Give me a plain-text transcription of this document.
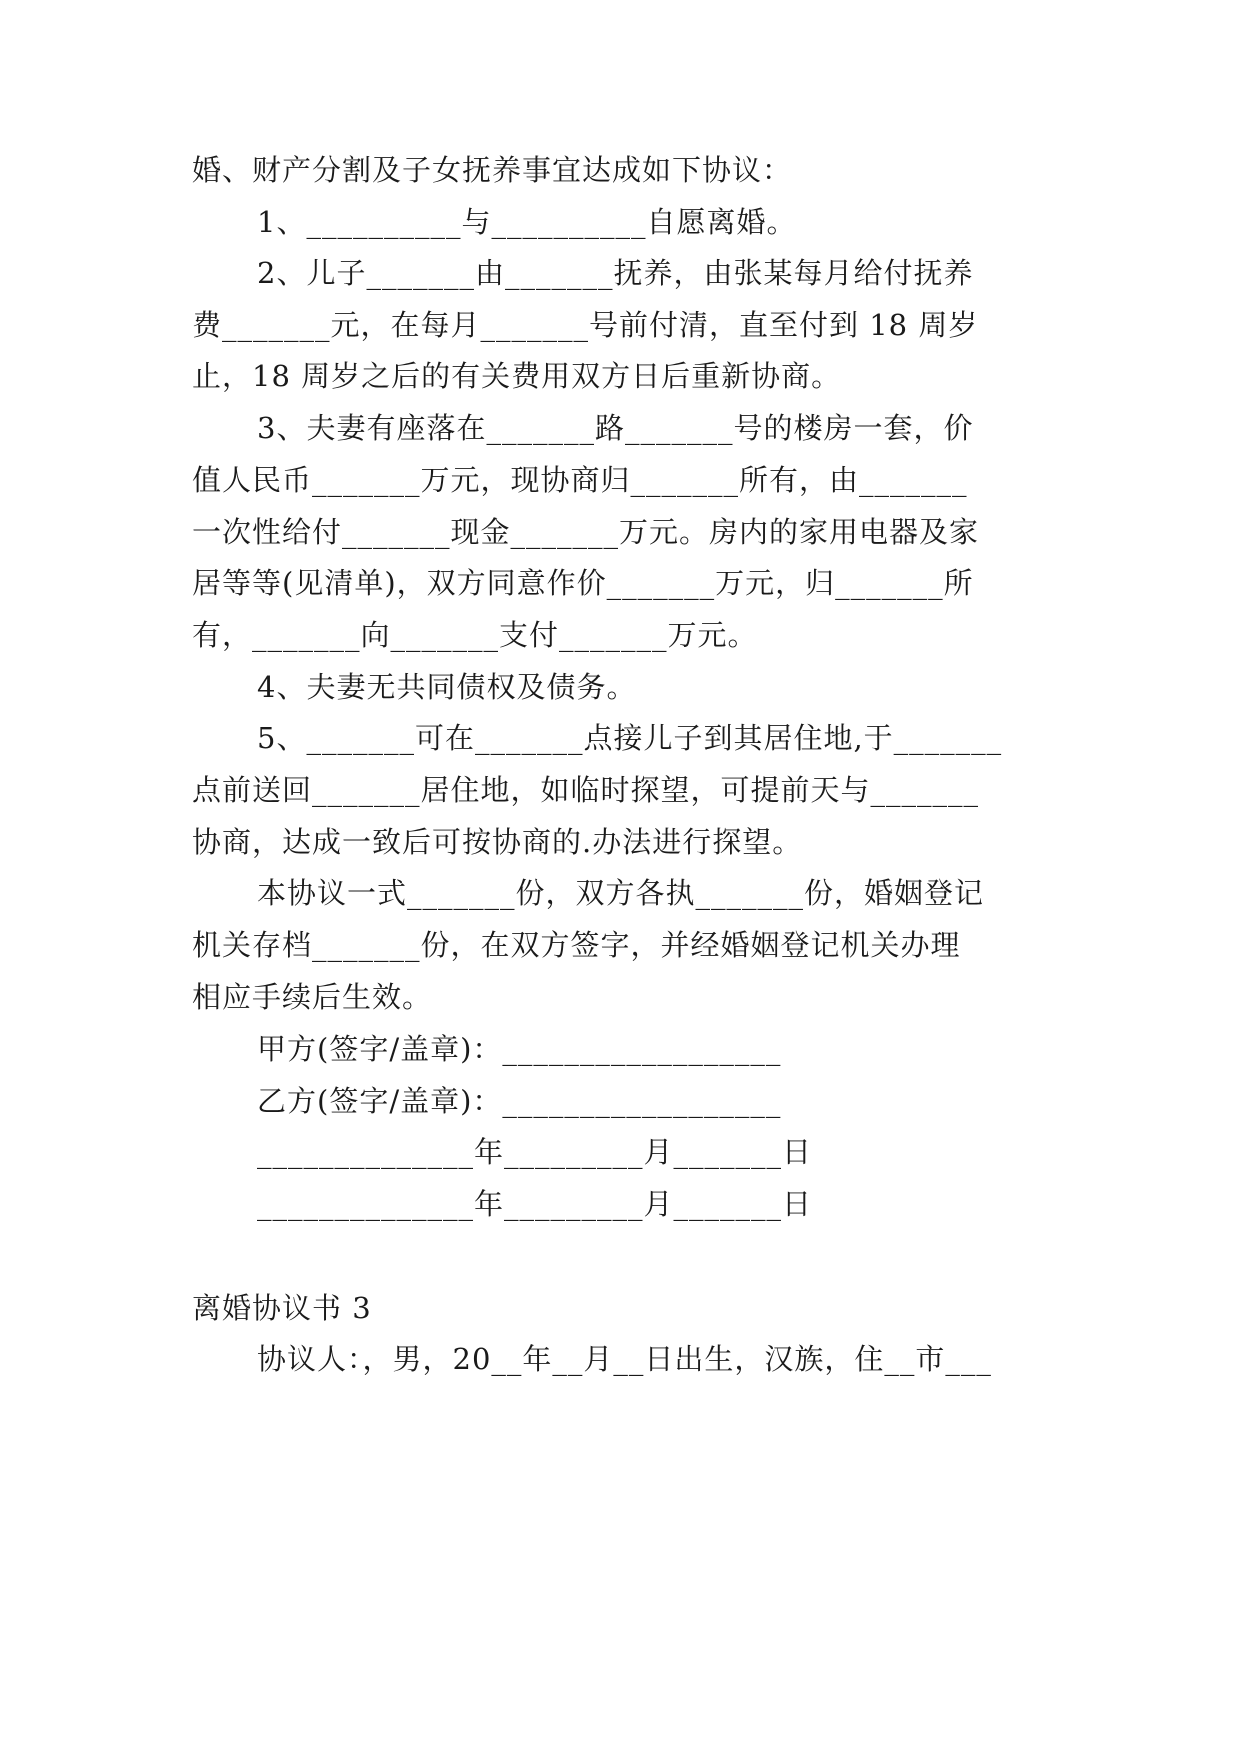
婚、财产分割及子女抚养事宜达成如下协议：
1、__________与__________自愿离婚。
2、儿子_______由_______抚养，由张某每月给付抚养
费_______元，在每月_______号前付清，直至付到 18 周岁
止，18 周岁之后的有关费用双方日后重新协商。
3、夫妻有座落在_______路_______号的楼房一套，价
值人民币_______万元，现协商归_______所有，由_______
一次性给付_______现金_______万元。房内的家用电器及家
居等等(见清单)，双方同意作价_______万元，归_______所
有，_______向_______支付_______万元。
4、夫妻无共同债权及债务。
5、_______可在_______点接儿子到其居住地,于_______
点前送回_______居住地，如临时探望，可提前天与_______
协商，达成一致后可按协商的.办法进行探望。
本协议一式_______份，双方各执_______份，婚姻登记
机关存档_______份，在双方签字，并经婚姻登记机关办理
相应手续后生效。
甲方(签字/盖章)：__________________
乙方(签字/盖章)：__________________
______________年_________月_______日
______________年_________月_______日
离婚协议书 3
协议人：，男，20__年__月__日出生，汉族，住__市___
